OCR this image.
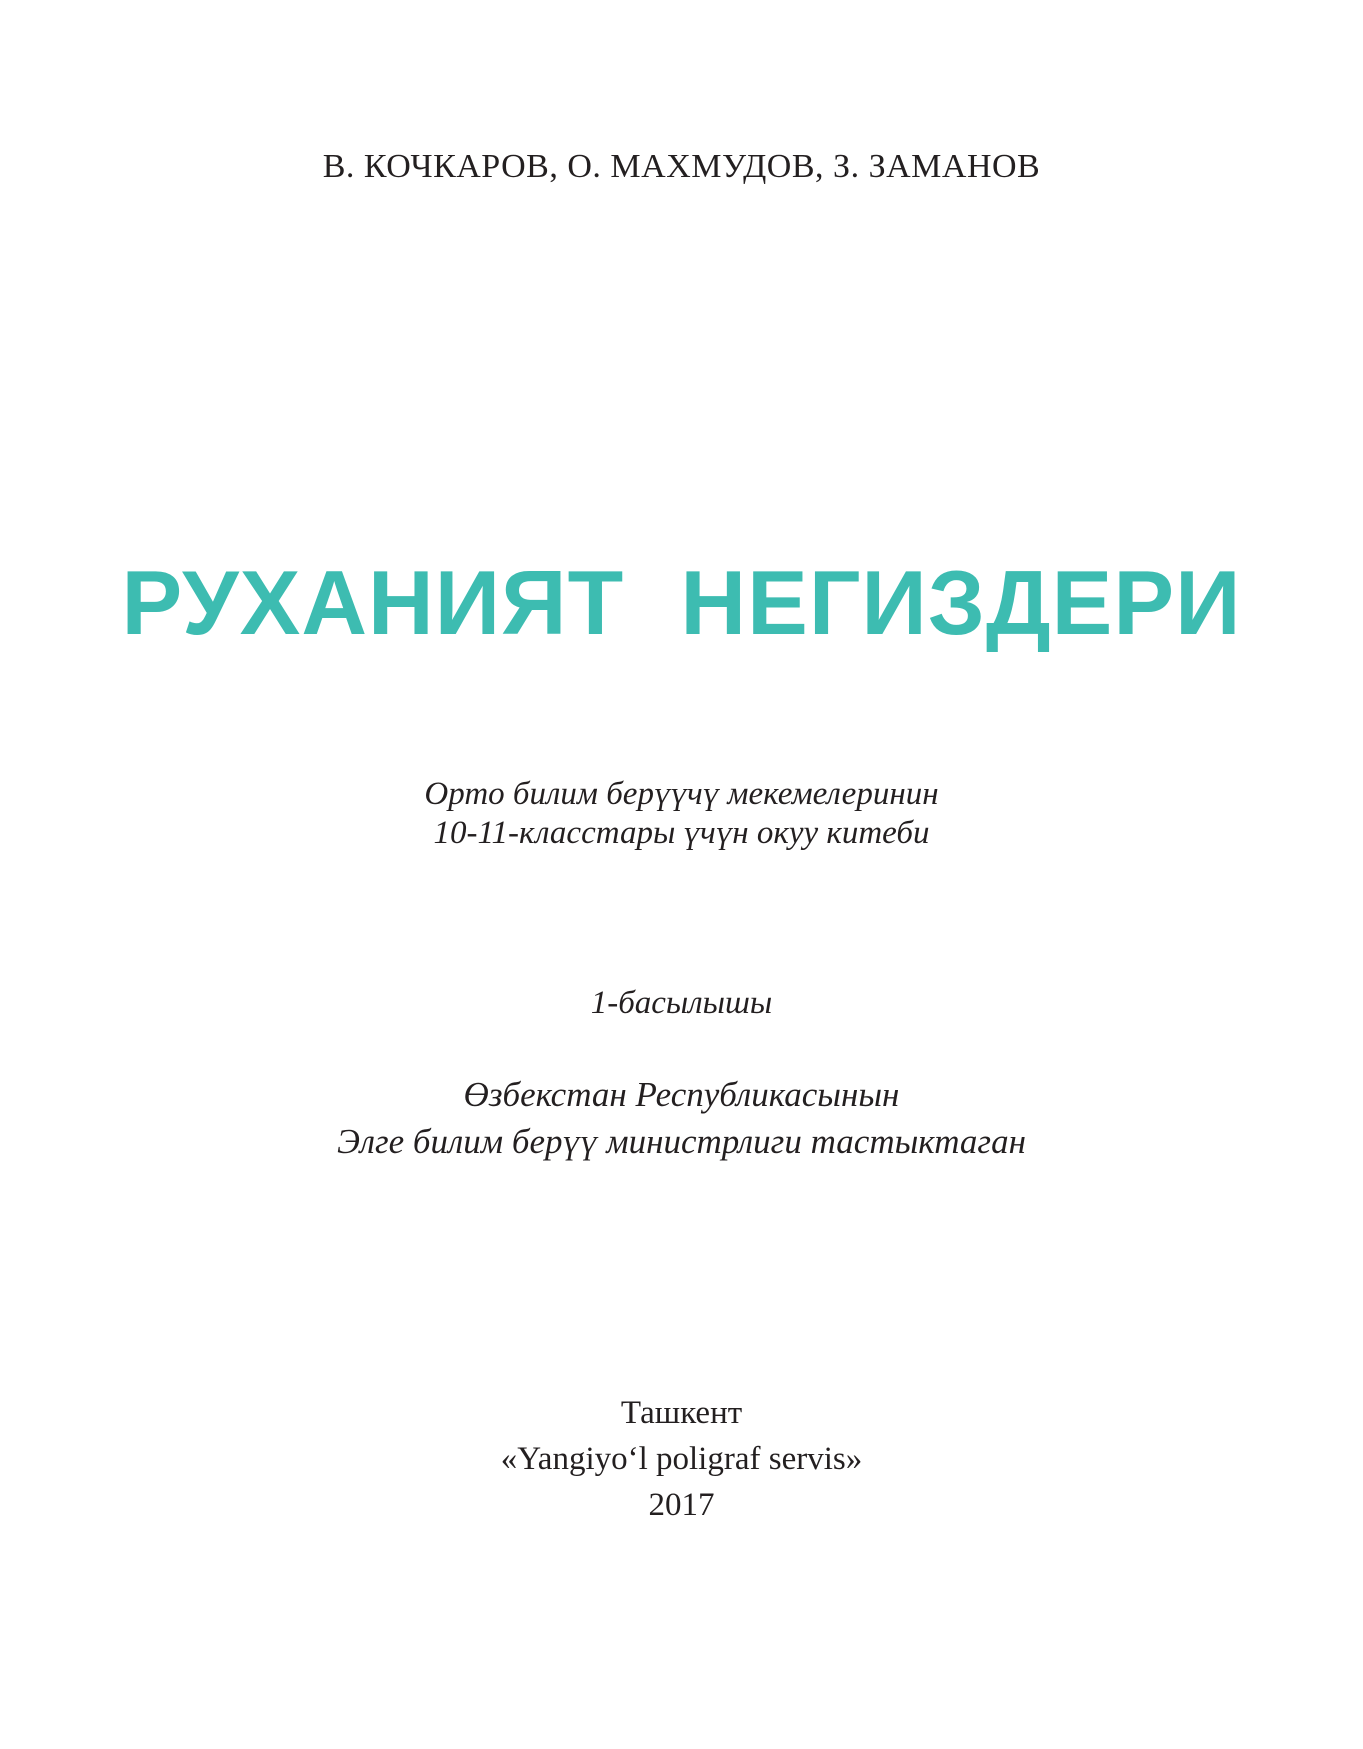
В. КОЧКАРОВ, О. МАХМУДОВ, З. ЗАМАНОВ

РУХАНИЯТ НЕГИЗДЕРИ

Орто билим берүүчү мекемелеринин

10-11-класстары үчүн окуу китеби

1-басылышы

Өзбекстан Республикасынын

Элге билим берүү министрлиги тастыктаган

Ташкент

«Yangiyo‘l poligraf servis»

2017
